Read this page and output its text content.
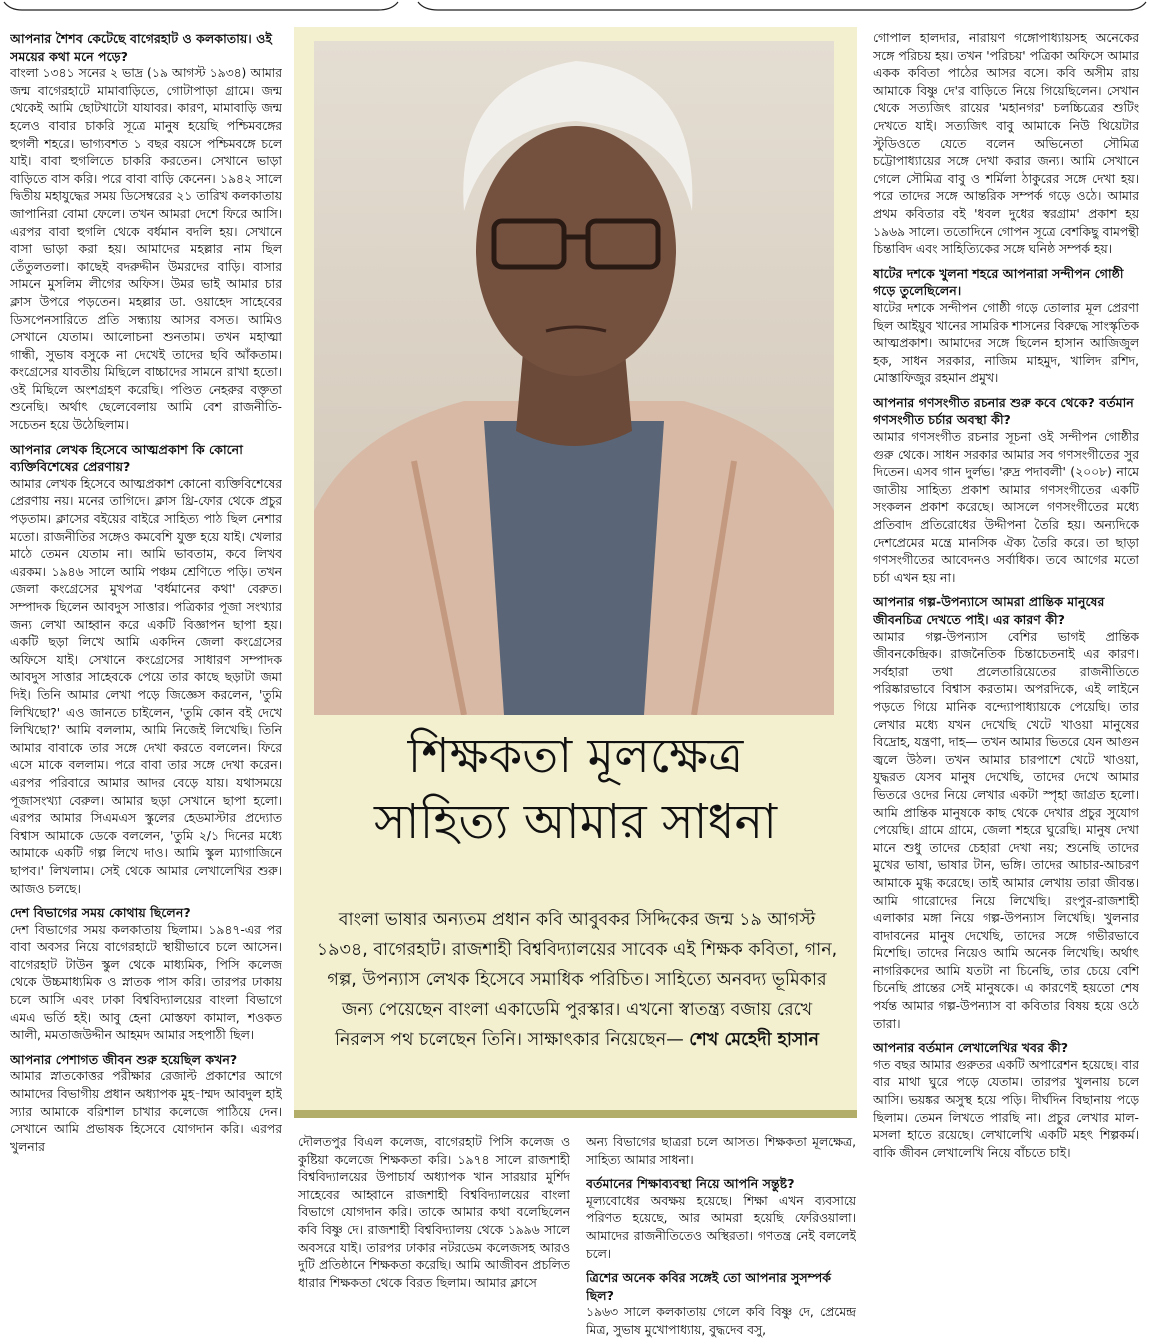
আপনার শৈশব কেটেছে বাগেরহাট ও কলকাতায়। ওই সময়ের কথা মনে পড়ে?

বাংলা ১৩৪১ সনের ২ ভাদ্র (১৯ আগস্ট ১৯৩৪) আমার জন্ম বাগেরহাটে মামাবাড়িতে, গোটাপাড়া গ্রামে। জন্ম থেকেই আমি ছোটখাটো যাযাবর। কারণ, মামাবাড়ি জন্ম হলেও বাবার চাকরি সূত্রে মানুষ হয়েছি পশ্চিমবঙ্গের হুগলী শহরে। ভাগ্যবশত ১ বছর বয়সে পশ্চিমবঙ্গে চলে যাই। বাবা হুগলিতে চাকরি করতেন। সেখানে ভাড়া বাড়িতে বাস করি। পরে বাবা বাড়ি কেনেন। ১৯৪২ সালে দ্বিতীয় মহাযুদ্ধের সময় ডিসেম্বরের ২১ তারিখ কলকাতায় জাপানিরা বোমা ফেলে। তখন আমরা দেশে ফিরে আসি। এরপর বাবা হুগলি থেকে বর্ধমান বদলি হয়। সেখানে বাসা ভাড়া করা হয়। আমাদের মহল্লার নাম ছিল তেঁতুলতলা। কাছেই বদরুদ্দীন উমরদের বাড়ি। বাসার সামনে মুসলিম লীগের অফিস। উমর ভাই আমার চার ক্লাস উপরে পড়তেন। মহল্লার ডা. ওয়াহেদ সাহেবের ডিসপেনসারিতে প্রতি সন্ধ্যায় আসর বসত। আমিও সেখানে যেতাম। আলোচনা শুনতাম। তখন মহাত্মা গান্ধী, সুভাষ বসুকে না দেখেই তাদের ছবি আঁকতাম। কংগ্রেসের যাবতীয় মিছিলে বাচ্চাদের সামনে রাখা হতো। ওই মিছিলে অংশগ্রহণ করেছি। পণ্ডিত নেহরুর বক্তৃতা শুনেছি। অর্থাৎ ছেলেবেলায় আমি বেশ রাজনীতি-সচেতন হয়ে উঠেছিলাম।

আপনার লেখক হিসেবে আত্মপ্রকাশ কি কোনো ব্যক্তিবিশেষের প্রেরণায়?

আমার লেখক হিসেবে আত্মপ্রকাশ কোনো ব্যক্তিবিশেষের প্রেরণায় নয়। মনের তাগিদে। ক্লাস থ্রি-ফোর থেকে প্রচুর পড়তাম। ক্লাসের বইয়ের বাইরে সাহিত্য পাঠ ছিল নেশার মতো। রাজনীতির সঙ্গেও কমবেশি যুক্ত হয়ে যাই। খেলার মাঠে তেমন যেতাম না। আমি ভাবতাম, কবে লিখব এরকম। ১৯৪৬ সালে আমি পঞ্চম শ্রেণিতে পড়ি। তখন জেলা কংগ্রেসের মুখপত্র 'বর্ধমানের কথা' বেরুত। সম্পাদক ছিলেন আবদুস সাত্তার। পত্রিকার পূজা সংখ্যার জন্য লেখা আহ্বান করে একটি বিজ্ঞাপন ছাপা হয়। একটি ছড়া লিখে আমি একদিন জেলা কংগ্রেসের অফিসে যাই। সেখানে কংগ্রেসের সাধারণ সম্পাদক আবদুস সাত্তার সাহেবকে পেয়ে তার কাছে ছড়াটা জমা দিই। তিনি আমার লেখা পড়ে জিজ্ঞেস করলেন, 'তুমি লিখিছো?' এও জানতে চাইলেন, 'তুমি কোন বই দেখে লিখিছো?' আমি বললাম, আমি নিজেই লিখেছি। তিনি আমার বাবাকে তার সঙ্গে দেখা করতে বললেন। ফিরে এসে মাকে বললাম। পরে বাবা তার সঙ্গে দেখা করেন। এরপর পরিবারে আমার আদর বেড়ে যায়। যথাসময়ে পূজাসংখ্যা বেরুল। আমার ছড়া সেখানে ছাপা হলো। এরপর আমার সিএমএস স্কুলের হেডমাস্টার প্রদ্যোত বিশ্বাস আমাকে ডেকে বললেন, 'তুমি ২/১ দিনের মধ্যে আমাকে একটি গল্প লিখে দাও। আমি স্কুল ম্যাগাজিনে ছাপব।' লিখলাম। সেই থেকে আমার লেখালেখির শুরু। আজও চলছে।

দেশ বিভাগের সময় কোথায় ছিলেন?

দেশ বিভাগের সময় কলকাতায় ছিলাম। ১৯৪৭-এর পর বাবা অবসর নিয়ে বাগেরহাটে স্থায়ীভাবে চলে আসেন। বাগেরহাট টাউন স্কুল থেকে মাধ্যমিক, পিসি কলেজ থেকে উচ্চমাধ্যমিক ও স্নাতক পাস করি। তারপর ঢাকায় চলে আসি এবং ঢাকা বিশ্ববিদ্যালয়ের বাংলা বিভাগে এমএ ভর্তি হই। আবু হেনা মোস্তফা কামাল, শওকত আলী, মমতাজউদ্দীন আহমদ আমার সহপাঠী ছিল।

আপনার পেশাগত জীবন শুরু হয়েছিল কখন?

আমার স্নাতকোত্তর পরীক্ষার রেজাল্ট প্রকাশের আগে আমাদের বিভাগীয় প্রধান অধ্যাপক মুহ-াম্মদ আবদুল হাই স্যার আমাকে বরিশাল চাখার কলেজে পাঠিয়ে দেন। সেখানে আমি প্রভাষক হিসেবে যোগদান করি। এরপর খুলনার

শিক্ষকতা মূলক্ষেত্র
সাহিত্য আমার সাধনা
বাংলা ভাষার অন্যতম প্রধান কবি আবুবকর সিদ্দিকের জন্ম ১৯ আগস্ট ১৯৩৪, বাগেরহাট। রাজশাহী বিশ্ববিদ্যালয়ের সাবেক এই শিক্ষক কবিতা, গান, গল্প, উপন্যাস লেখক হিসেবে সমাধিক পরিচিত। সাহিত্যে অনবদ্য ভূমিকার জন্য পেয়েছেন বাংলা একাডেমি পুরস্কার। এখনো স্বাতন্ত্র্য বজায় রেখে নিরলস পথ চলেছেন তিনি। সাক্ষাৎকার নিয়েছেন— শেখ মেহেদী হাসান

দৌলতপুর বিএল কলেজ, বাগেরহাট পিসি কলেজ ও কুষ্টিয়া কলেজে শিক্ষকতা করি। ১৯৭৪ সালে রাজশাহী বিশ্ববিদ্যালয়ের উপাচার্য অধ্যাপক খান সারয়ার মুর্শিদ সাহেবের আহ্বানে রাজশাহী বিশ্ববিদ্যালয়ের বাংলা বিভাগে যোগদান করি। তাকে আমার কথা বলেছিলেন কবি বিষ্ণু দে। রাজশাহী বিশ্ববিদ্যালয় থেকে ১৯৯৬ সালে অবসরে যাই। তারপর ঢাকার নটরডেম কলেজসহ আরও দুটি প্রতিষ্ঠানে শিক্ষকতা করেছি। আমি আজীবন প্রচলিত ধারার শিক্ষকতা থেকে বিরত ছিলাম। আমার ক্লাসে

অন্য বিভাগের ছাত্ররা চলে আসত। শিক্ষকতা মূলক্ষেত্র, সাহিত্য আমার সাধনা।

বর্তমানের শিক্ষাব্যবস্থা নিয়ে আপনি সন্তুষ্ট?

মূল্যবোধের অবক্ষয় হয়েছে। শিক্ষা এখন ব্যবসায়ে পরিণত হয়েছে, আর আমরা হয়েছি ফেরিওয়ালা। আমাদের রাজনীতিতেও অস্থিরতা। গণতন্ত্র নেই বললেই চলে।

ত্রিশের অনেক কবির সঙ্গেই তো আপনার সুসম্পর্ক ছিল?

১৯৬৩ সালে কলকাতায় গেলে কবি বিষ্ণু দে, প্রেমেন্দ্র মিত্র, সুভাষ মুখোপাধ্যায়, বুদ্ধদেব বসু,

গোপাল হালদার, নারায়ণ গঙ্গোপাধ্যায়সহ অনেকের সঙ্গে পরিচয় হয়। তখন 'পরিচয়' পত্রিকা অফিসে আমার একক কবিতা পাঠের আসর বসে। কবি অসীম রায় আমাকে বিষ্ণু দে'র বাড়িতে নিয়ে গিয়েছিলেন। সেখান থেকে সত্যজিৎ রায়ের 'মহানগর' চলচ্চিত্রের শুটিং দেখতে যাই। সত্যজিৎ বাবু আমাকে নিউ থিয়েটার স্টুডিওতে যেতে বলেন অভিনেতা সৌমিত্র চট্টোপাধ্যায়ের সঙ্গে দেখা করার জন্য। আমি সেখানে গেলে সৌমিত্র বাবু ও শর্মিলা ঠাকুরের সঙ্গে দেখা হয়। পরে তাদের সঙ্গে আন্তরিক সম্পর্ক গড়ে ওঠে। আমার প্রথম কবিতার বই 'ধবল দুধের স্বরগ্রাম' প্রকাশ হয় ১৯৬৯ সালে। ততোদিনে গোপন সূত্রে বেশকিছু বামপন্থী চিন্তাবিদ এবং সাহিত্যিকের সঙ্গে ঘনিষ্ঠ সম্পর্ক হয়।

ষাটের দশকে খুলনা শহরে আপনারা সন্দীপন গোষ্ঠী গড়ে তুলেছিলেন।

ষাটের দশকে সন্দীপন গোষ্ঠী গড়ে তোলার মূল প্রেরণা ছিল আইয়ুব খানের সামরিক শাসনের বিরুদ্ধে সাংস্কৃতিক আত্মপ্রকাশ। আমাদের সঙ্গে ছিলেন হাসান আজিজুল হক, সাধন সরকার, নাজিম মাহমুদ, খালিদ রশিদ, মোস্তাফিজুর রহমান প্রমুখ।

আপনার গণসংগীত রচনার শুরু কবে থেকে? বর্তমান গণসংগীত চর্চার অবস্থা কী?

আমার গণসংগীত রচনার সূচনা ওই সন্দীপন গোষ্ঠীর গুরু থেকে। সাধন সরকার আমার সব গণসংগীতের সুর দিতেন। এসব গান দুর্লভ। 'রুদ্র পদাবলী' (২০০৮) নামে জাতীয় সাহিত্য প্রকাশ আমার গণসংগীতের একটি সংকলন প্রকাশ করেছে। আসলে গণসংগীতের মধ্যে প্রতিবাদ প্রতিরোধের উদ্দীপনা তৈরি হয়। অন্যদিকে দেশপ্রেমের মন্ত্রে মানসিক ঐক্য তৈরি করে। তা ছাড়া গণসংগীতের আবেদনও সর্বাধিক। তবে আগের মতো চর্চা এখন হয় না।

আপনার গল্প-উপন্যাসে আমরা প্রান্তিক মানুষের জীবনচিত্র দেখতে পাই। এর কারণ কী?

আমার গল্প-উপন্যাস বেশির ভাগই প্রান্তিক জীবনকেন্দ্রিক। রাজনৈতিক চিন্তাচেতনাই এর কারণ। সর্বহারা তথা প্রলেতারিয়েতের রাজনীতিতে পরিষ্কারভাবে বিশ্বাস করতাম। অপরদিকে, এই লাইনে পড়তে গিয়ে মানিক বন্দ্যোপাধ্যায়কে পেয়েছি। তার লেখার মধ্যে যখন দেখেছি খেটে খাওয়া মানুষের বিদ্রোহ, যন্ত্রণা, দাহ— তখন আমার ভিতরে যেন আগুন জ্বলে উঠল। তখন আমার চারপাশে খেটে খাওয়া, যুদ্ধরত যেসব মানুষ দেখেছি, তাদের দেখে আমার ভিতরে ওদের নিয়ে লেখার একটা স্পৃহা জাগ্রত হলো। আমি প্রান্তিক মানুষকে কাছ থেকে দেখার প্রচুর সুযোগ পেয়েছি। গ্রামে গ্রামে, জেলা শহরে ঘুরেছি। মানুষ দেখা মানে শুধু তাদের চেহারা দেখা নয়; শুনেছি তাদের মুখের ভাষা, ভাষার টান, ভঙ্গি। তাদের আচার-আচরণ আমাকে মুগ্ধ করেছে। তাই আমার লেখায় তারা জীবন্ত। আমি গারোদের নিয়ে লিখেছি। রংপুর-রাজশাহী এলাকার মঙ্গা নিয়ে গল্প-উপন্যাস লিখেছি। খুলনার বাদাবনের মানুষ দেখেছি, তাদের সঙ্গে গভীরভাবে মিশেছি। তাদের নিয়েও আমি অনেক লিখেছি। অর্থাৎ নাগরিকদের আমি যতটা না চিনেছি, তার চেয়ে বেশি চিনেছি প্রান্তের সেই মানুষকে। এ কারণেই হয়তো শেষ পর্যন্ত আমার গল্প-উপন্যাস বা কবিতার বিষয় হয়ে ওঠে তারা।

আপনার বর্তমান লেখালেখির খবর কী?

গত বছর আমার গুরুতর একটি অপারেশন হয়েছে। বার বার মাথা ঘুরে পড়ে যেতাম। তারপর খুলনায় চলে আসি। ভয়ঙ্কর অসুস্থ হয়ে পড়ি। দীর্ঘদিন বিছানায় পড়ে ছিলাম। তেমন লিখতে পারছি না। প্রচুর লেখার মাল-মসলা হাতে রয়েছে। লেখালেখি একটি মহৎ শিল্পকর্ম। বাকি জীবন লেখালেখি নিয়ে বাঁচতে চাই।
